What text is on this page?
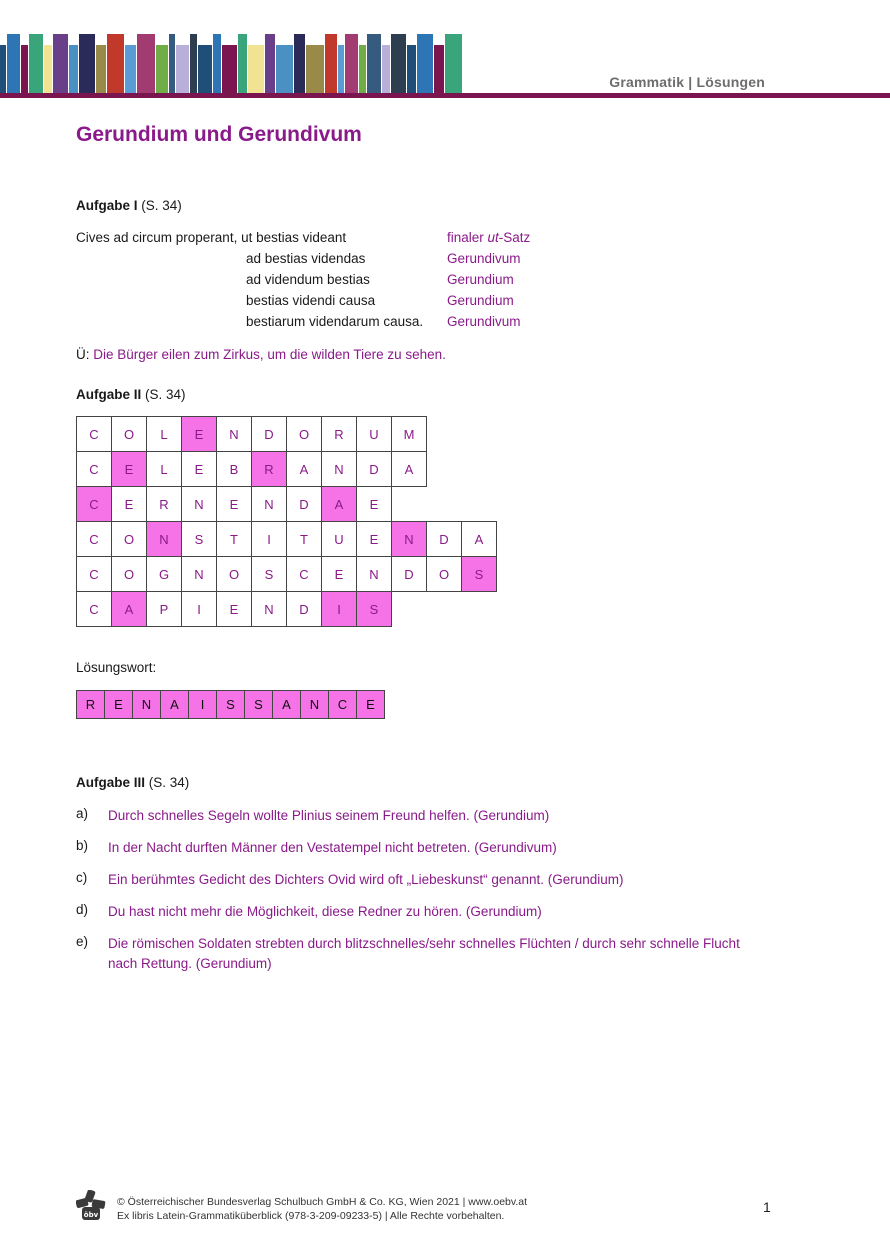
Grammatik | Lösungen
Gerundium und Gerundivum
Aufgabe I (S. 34)
Cives ad circum properant, ut bestias videant	finaler ut-Satz
ad bestias videndas	Gerundivum
ad videndum bestias	Gerundium
bestias videndi causa	Gerundium
bestiarum videndarum causa. Gerundivum
Ü: Die Bürger eilen zum Zirkus, um die wilden Tiere zu sehen.
Aufgabe II (S. 34)
C	O	L	E	N	D	O	R	U	M
C	E	L	E	B	R	A	N	D	A
C	E	R	N	E	N	D	A	E
C	O	N	S	T	I	T	U	E	N	D	A
C	O	G	N	O	S	C	E	N	D	O	S
C	A	P	I	E	N	D	I	S
Lösungswort:
R	E	N	A	I	S	S	A	N	C	E
Aufgabe III (S. 34)
a) Durch schnelles Segeln wollte Plinius seinem Freund helfen. (Gerundium)
b) In der Nacht durften Männer den Vestatempel nicht betreten. (Gerundivum)
c) Ein berühmtes Gedicht des Dichters Ovid wird oft „Liebeskunst“ genannt. (Gerundium)
d) Du hast nicht mehr die Möglichkeit, diese Redner zu hören. (Gerundium)
e) Die römischen Soldaten strebten durch blitzschnelles/sehr schnelles Flüchten / durch sehr schnelle Flucht nach Rettung. (Gerundium)
öbv
© Österreichischer Bundesverlag Schulbuch GmbH & Co. KG, Wien 2021 | www.oebv.at
Ex libris Latein-Grammatiküberblick (978-3-209-09233-5) | Alle Rechte vorbehalten.
1
